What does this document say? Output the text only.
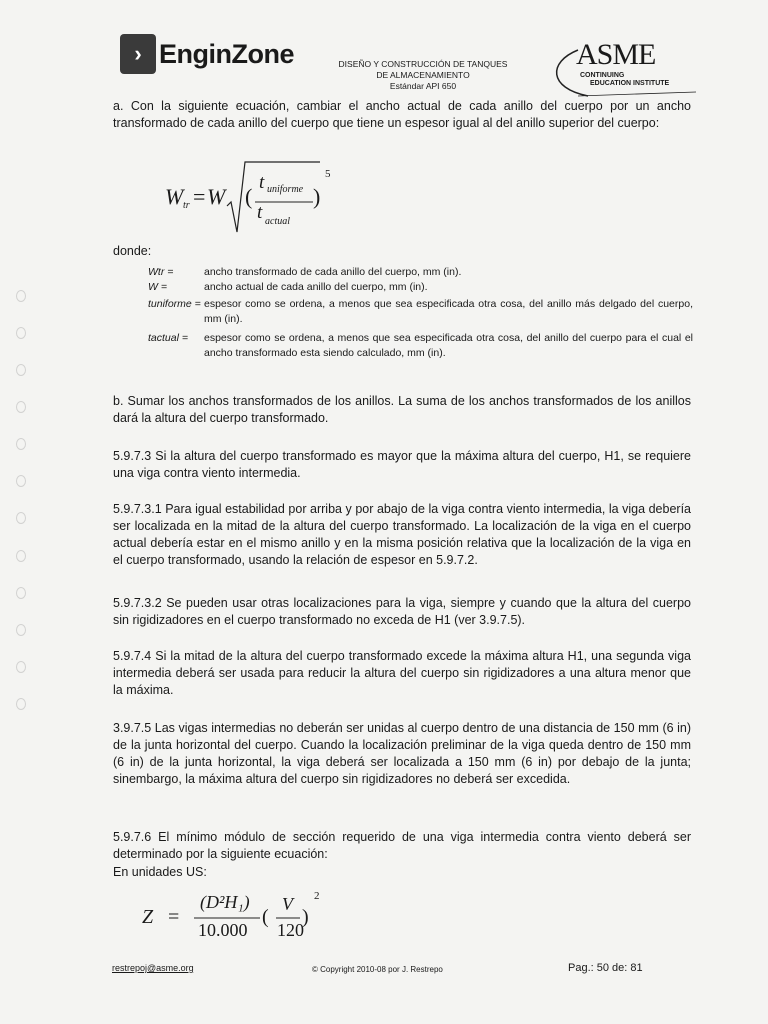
› EnginZone	DISEÑO Y CONSTRUCCIÓN DE TANQUES
DE ALMACENAMIENTO
Estándar API 650
ASME
CONTINUING
EDUCATION INSTITUTE
a. Con la siguiente ecuación, cambiar el ancho actual de cada anillo del cuerpo por un ancho transformado de cada anillo del cuerpo que tiene un espesor igual al del anillo superior del cuerpo:
W tr = W (
t uniforme
t actual
)
5
donde:
Wtr =	ancho transformado de cada anillo del cuerpo, mm (in).
W =	ancho actual de cada anillo del cuerpo, mm (in).
tuniforme = espesor como se ordena, a menos que sea especificada otra cosa, del anillo más delgado del cuerpo, mm (in).
tactual =	espesor como se ordena, a menos que sea especificada otra cosa, del anillo del cuerpo para el cual el ancho transformado esta siendo calculado, mm (in).
b. Sumar los anchos transformados de los anillos. La suma de los anchos transformados de los anillos dará la altura del cuerpo transformado.
5.9.7.3 Si la altura del cuerpo transformado es mayor que la máxima altura del cuerpo, H1, se requiere una viga contra viento intermedia.
5.9.7.3.1 Para igual estabilidad por arriba y por abajo de la viga contra viento intermedia, la viga debería ser localizada en la mitad de la altura del cuerpo transformado. La localización de la viga en el cuerpo actual debería estar en el mismo anillo y en la misma posición relativa que la localización de la viga en el cuerpo transformado, usando la relación de espesor en 5.9.7.2.
5.9.7.3.2 Se pueden usar otras localizaciones para la viga, siempre y cuando que la altura del cuerpo sin rigidizadores en el cuerpo transformado no exceda de H1 (ver 3.9.7.5).
5.9.7.4 Si la mitad de la altura del cuerpo transformado excede la máxima altura H1, una segunda viga intermedia deberá ser usada para reducir la altura del cuerpo sin rigidizadores a una altura menor que la máxima.
3.9.7.5 Las vigas intermedias no deberán ser unidas al cuerpo dentro de una distancia de 150 mm (6 in) de la junta horizontal del cuerpo. Cuando la localización preliminar de la viga queda dentro de 150 mm (6 in) de la junta horizontal, la viga deberá ser localizada a 150 mm (6 in) por debajo de la junta; sinembargo, la máxima altura del cuerpo sin rigidizadores no deberá ser excedida.
5.9.7.6 El mínimo módulo de sección requerido de una viga intermedia contra viento deberá ser determinado por la siguiente ecuación:
En unidades US:
Z =
(D²H₁)
10.000
(
V
120
)
2
restrepoj@asme.org	© Copyright 2010-08 por J. Restrepo	Pag.: 50 de: 81
